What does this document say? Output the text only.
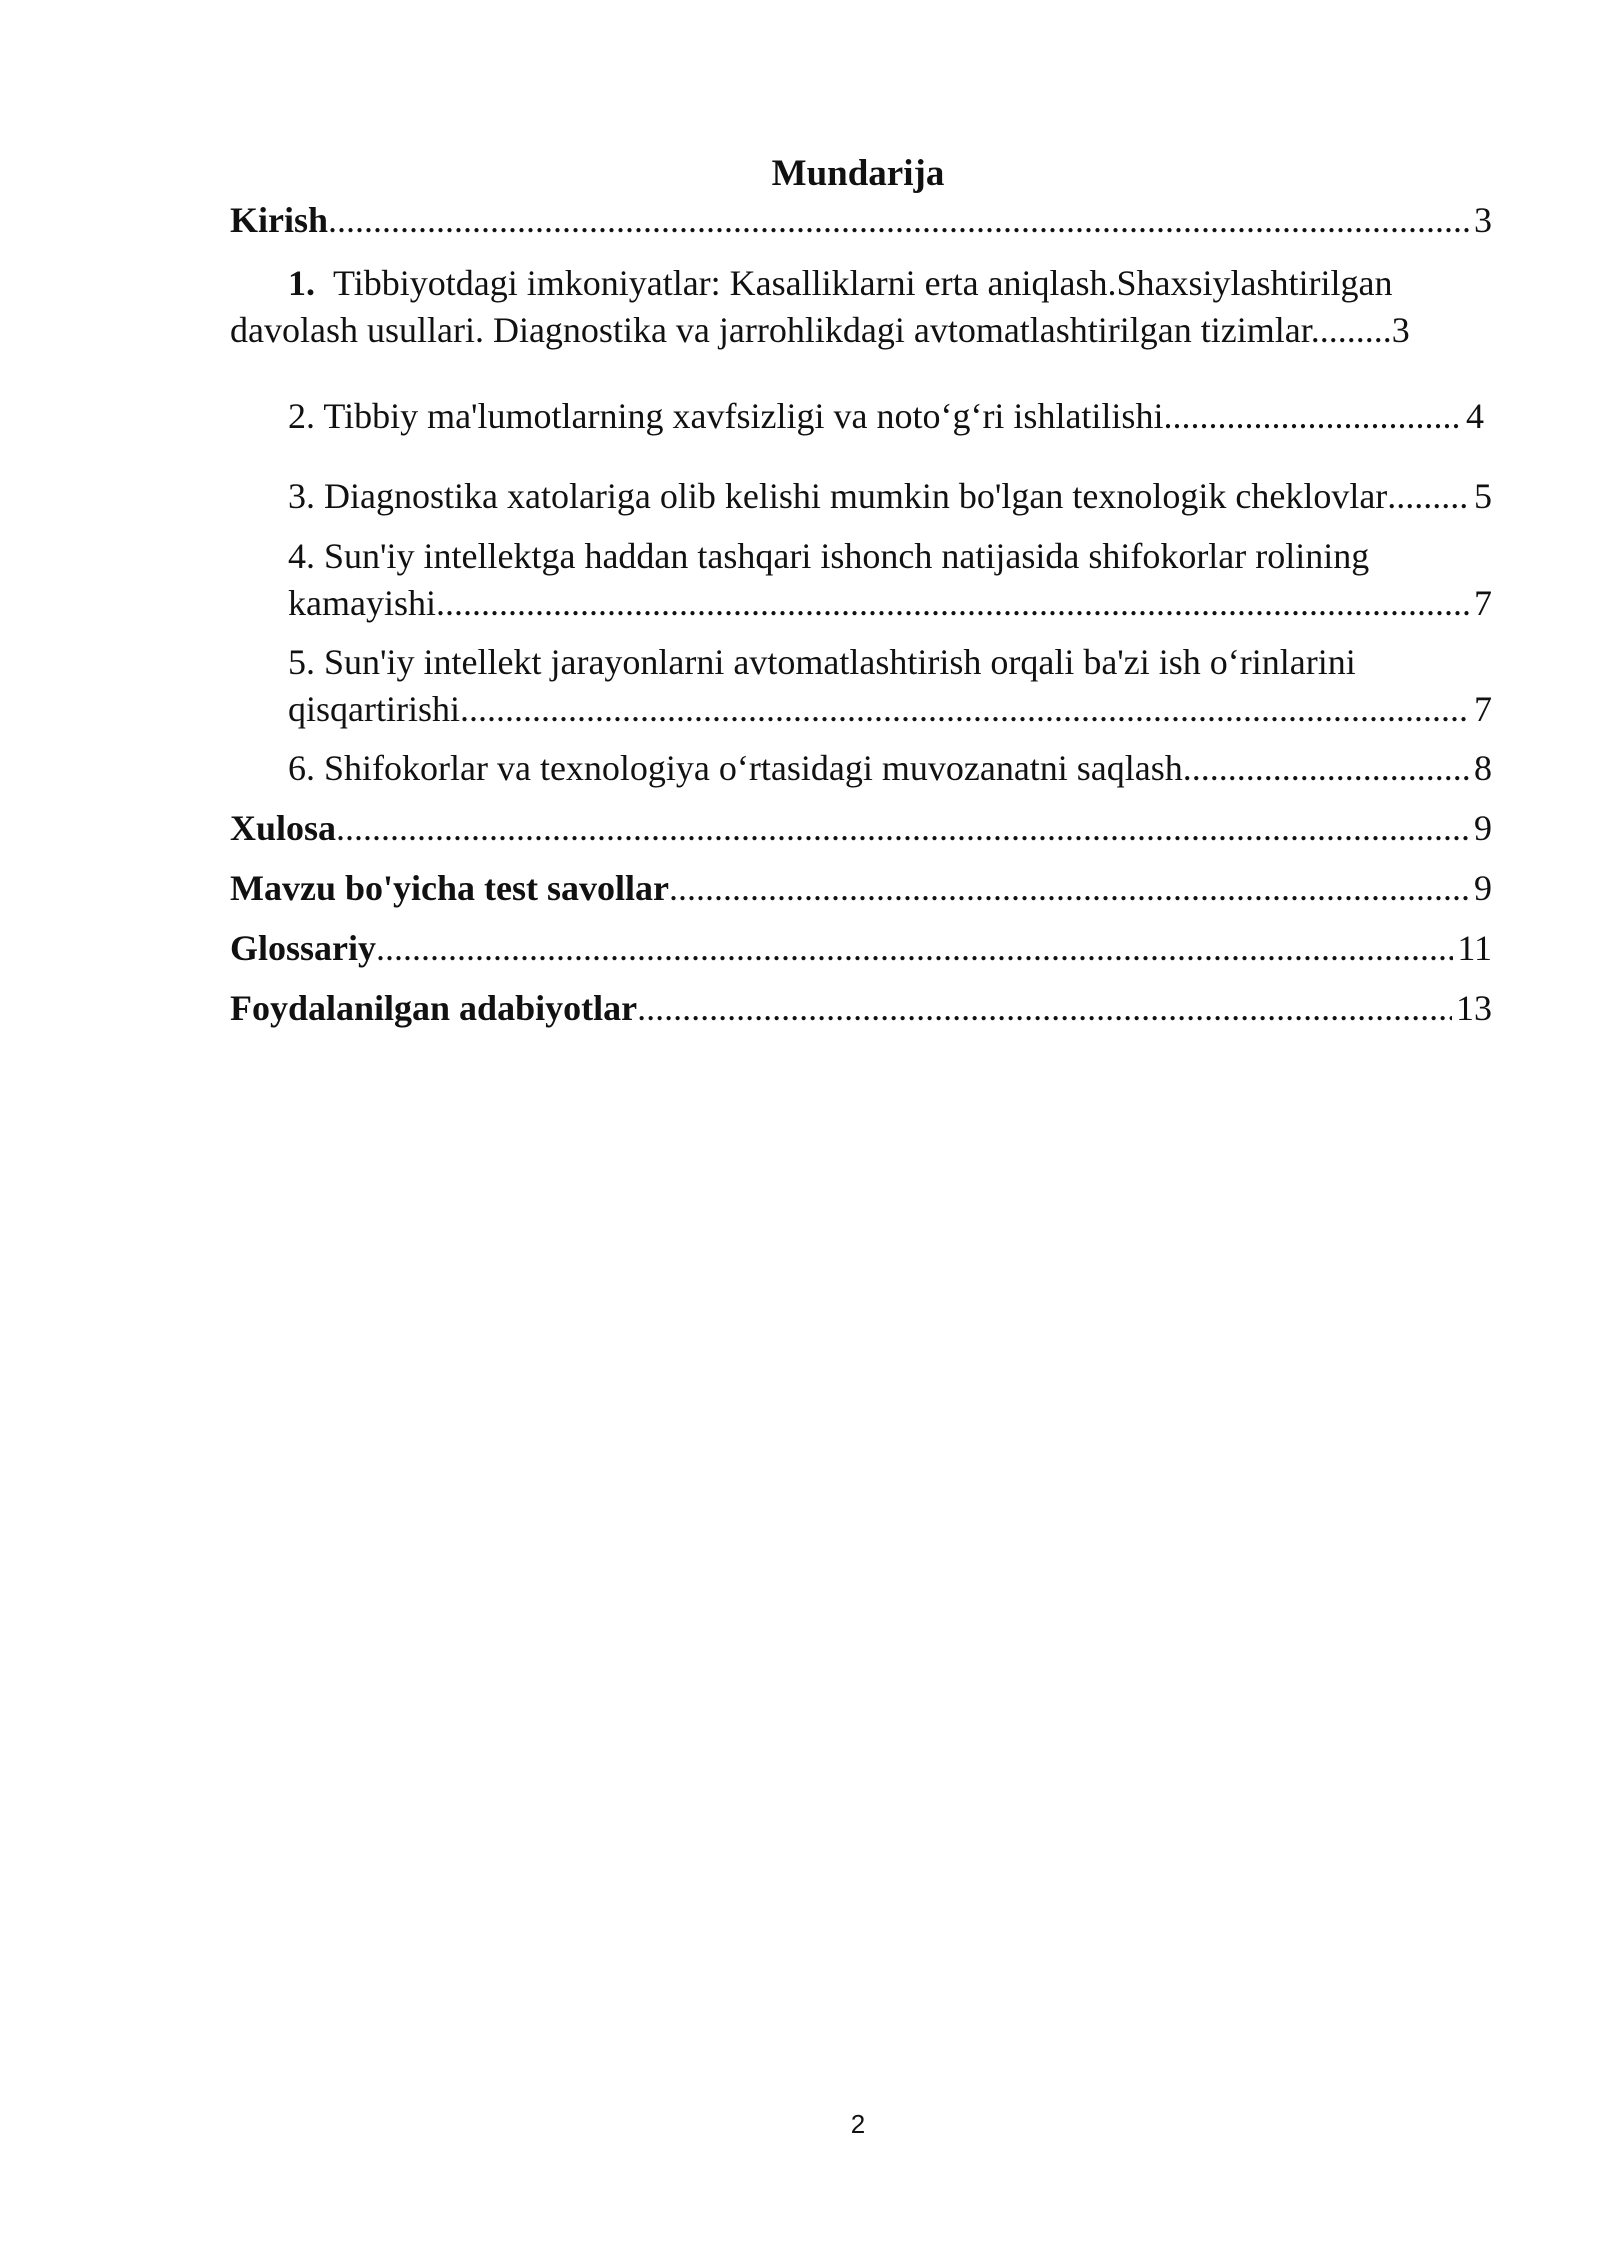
Mundarija
Kirish .....	3
1. Tibbiyotdagi imkoniyatlar: Kasalliklarni erta aniqlash.Shaxsiylashtirilgan
davolash usullari. Diagnostika va jarrohlikdagi avtomatlashtirilgan tizimlar.........3
2. Tibbiy ma'lumotlarning xavfsizligi va noto‘g‘ri ishlatilishi .....	4
3. Diagnostika xatolariga olib kelishi mumkin bo'lgan texnologik cheklovlar ..... 5
4. Sun'iy intellektga haddan tashqari ishonch natijasida shifokorlar rolining
kamayishi .....	7
5. Sun'iy intellekt jarayonlarni avtomatlashtirish orqali ba'zi ish o‘rinlarini
qisqartirishi .....	7
6. Shifokorlar va texnologiya o‘rtasidagi muvozanatni saqlash .....	8
Xulosa .....	9
Mavzu bo'yicha test savollar .....	9
Glossariy .....	11
Foydalanilgan adabiyotlar .....	13
2
